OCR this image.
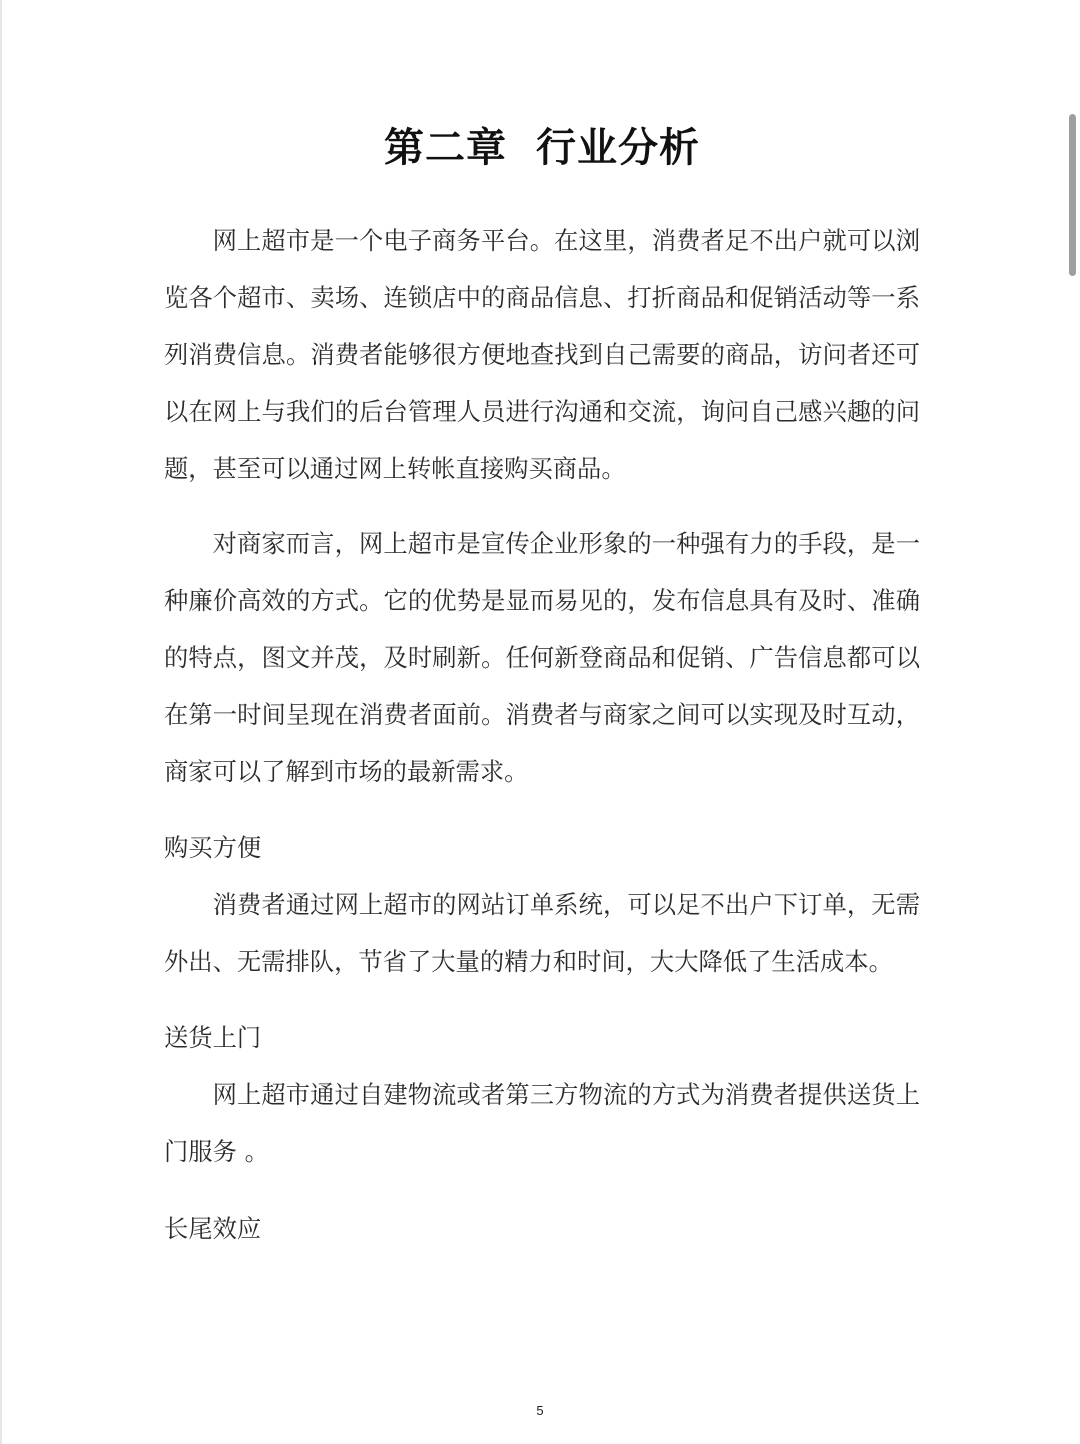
第二章 行业分析

网上超市是一个电子商务平台。在这里，消费者足不出户就可以浏览各个超市、卖场、连锁店中的商品信息、打折商品和促销活动等一系列消费信息。消费者能够很方便地查找到自己需要的商品，访问者还可以在网上与我们的后台管理人员进行沟通和交流，询问自己感兴趣的问题，甚至可以通过网上转帐直接购买商品。

对商家而言，网上超市是宣传企业形象的一种强有力的手段，是一种廉价高效的方式。它的优势是显而易见的，发布信息具有及时、准确的特点，图文并茂，及时刷新。任何新登商品和促销、广告信息都可以在第一时间呈现在消费者面前。消费者与商家之间可以实现及时互动，商家可以了解到市场的最新需求。

购买方便

消费者通过网上超市的网站订单系统，可以足不出户下订单，无需外出、无需排队，节省了大量的精力和时间，大大降低了生活成本。

送货上门

网上超市通过自建物流或者第三方物流的方式为消费者提供送货上门服务 。

长尾效应

5
